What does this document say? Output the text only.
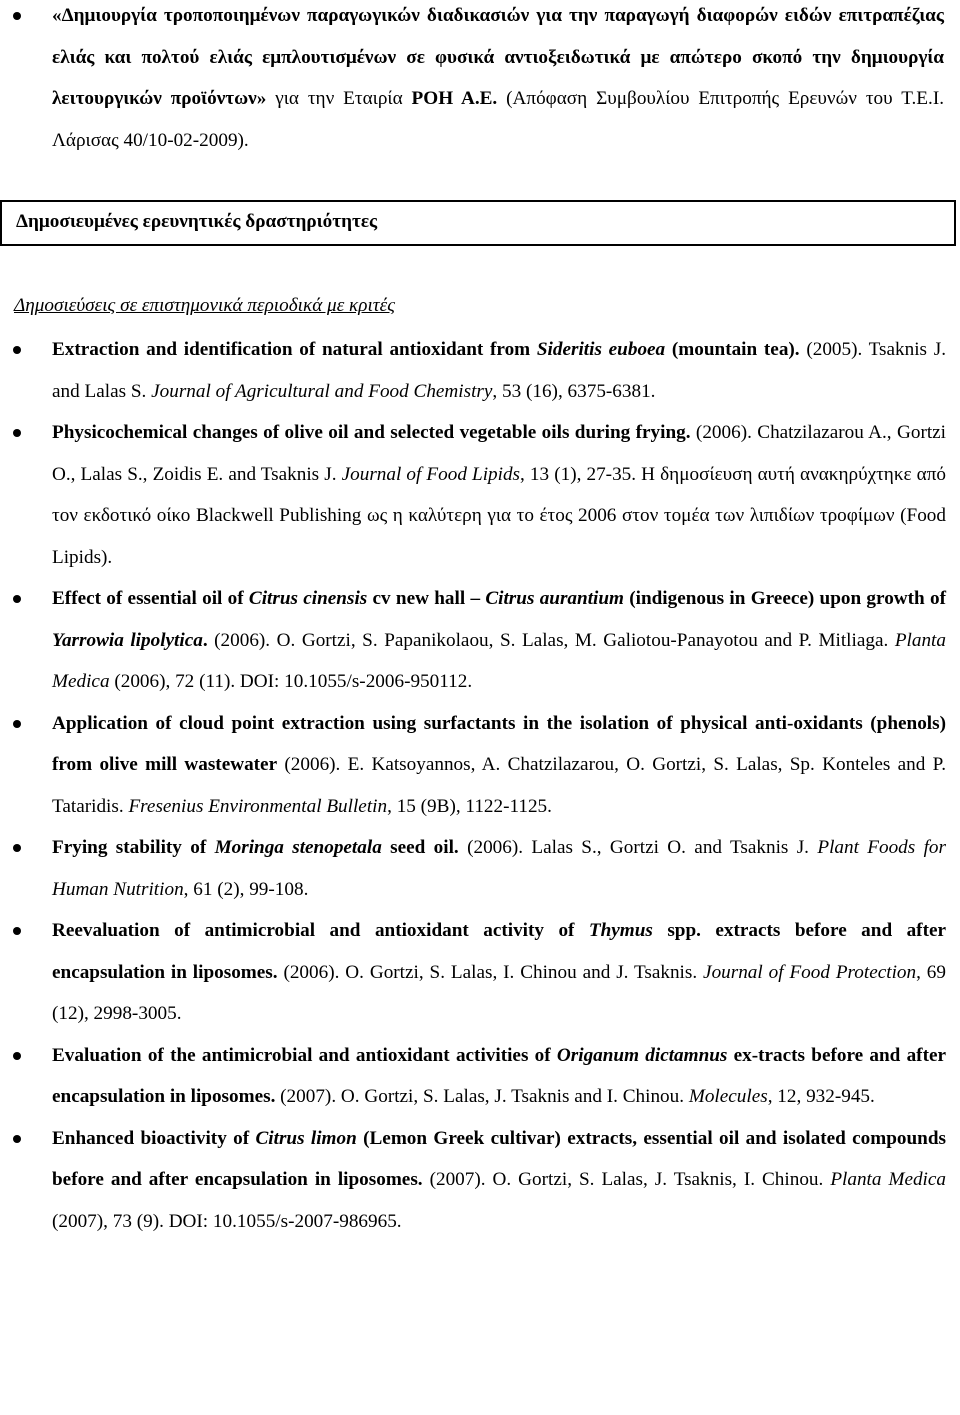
«Δημιουργία τροποποιημένων παραγωγικών διαδικασιών για την παραγωγή διαφορών ειδών επιτραπέζιας ελιάς και πολτού ελιάς εμπλουτισμένων σε φυσικά αντιοξειδωτικά με απώτερο σκοπό την δημιουργία λειτουργικών προϊόντων» για την Εταιρία ΡΟΗ Α.Ε. (Απόφαση Συμβουλίου Επιτροπής Ερευνών του Τ.Ε.Ι. Λάρισας 40/10-02-2009).
Δημοσιευμένες ερευνητικές δραστηριότητες
Δημοσιεύσεις σε επιστημονικά περιοδικά με κριτές
Extraction and identification of natural antioxidant from Sideritis euboea (mountain tea). (2005). Tsaknis J. and Lalas S. Journal of Agricultural and Food Chemistry, 53 (16), 6375-6381.
Physicochemical changes of olive oil and selected vegetable oils during frying. (2006). Chatzilazarou A., Gortzi O., Lalas S., Zoidis E. and Tsaknis J. Journal of Food Lipids, 13 (1), 27-35. Η δημοσίευση αυτή ανακηρύχτηκε από τον εκδοτικό οίκο Blackwell Publishing ως η καλύτερη για το έτος 2006 στον τομέα των λιπιδίων τροφίμων (Food Lipids).
Effect of essential oil of Citrus cinensis cv new hall – Citrus aurantium (indigenous in Greece) upon growth of Yarrowia lipolytica. (2006). O. Gortzi, S. Papanikolaou, S. Lalas, M. Galiotou-Panayotou and P. Mitliaga. Planta Medica (2006), 72 (11). DOI: 10.1055/s-2006-950112.
Application of cloud point extraction using surfactants in the isolation of physical anti-oxidants (phenols) from olive mill wastewater (2006). E. Katsoyannos, A. Chatzilazarou, O. Gortzi, S. Lalas, Sp. Konteles and P. Tataridis. Fresenius Environmental Bulletin, 15 (9B), 1122-1125.
Frying stability of Moringa stenopetala seed oil. (2006). Lalas S., Gortzi O. and Tsaknis J. Plant Foods for Human Nutrition, 61 (2), 99-108.
Reevaluation of antimicrobial and antioxidant activity of Thymus spp. extracts before and after encapsulation in liposomes. (2006). O. Gortzi, S. Lalas, I. Chinou and J. Tsaknis. Journal of Food Protection, 69 (12), 2998-3005.
Evaluation of the antimicrobial and antioxidant activities of Origanum dictamnus ex-tracts before and after encapsulation in liposomes. (2007). O. Gortzi, S. Lalas, J. Tsaknis and I. Chinou. Molecules, 12, 932-945.
Enhanced bioactivity of Citrus limon (Lemon Greek cultivar) extracts, essential oil and isolated compounds before and after encapsulation in liposomes. (2007). O. Gortzi, S. Lalas, J. Tsaknis, I. Chinou. Planta Medica (2007), 73 (9). DOI: 10.1055/s-2007-986965.
